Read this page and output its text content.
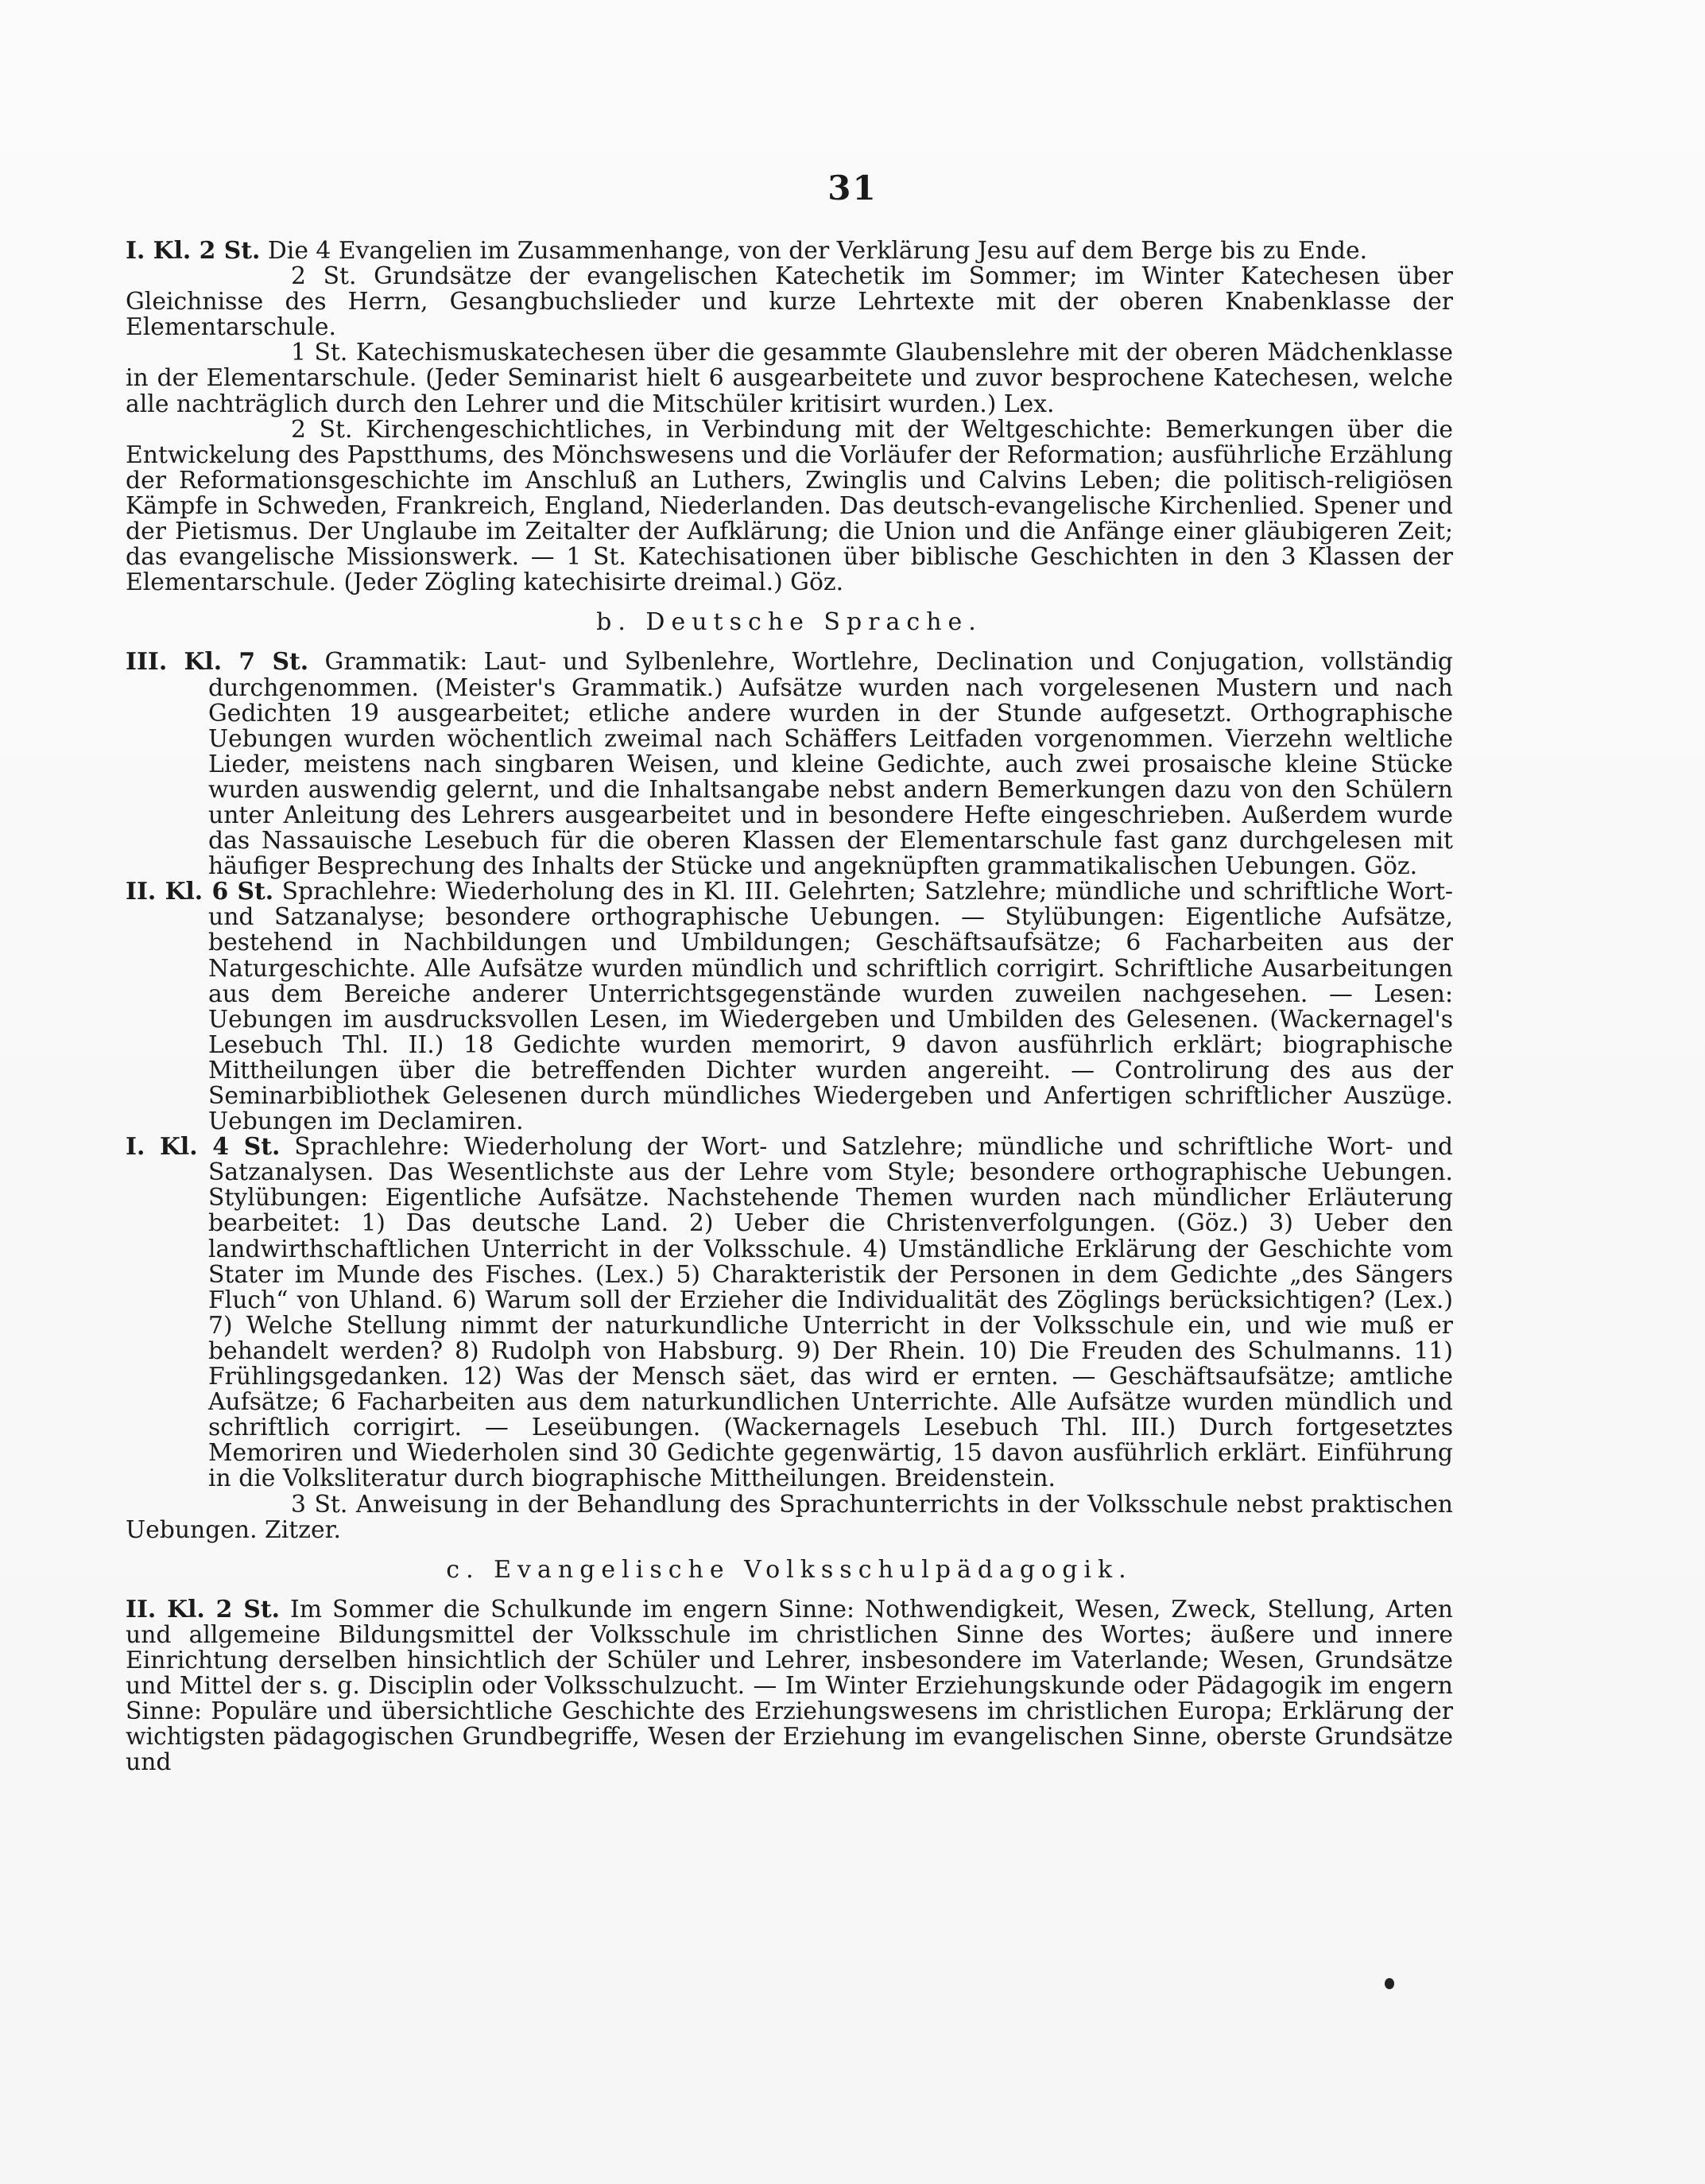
31

I. Kl. 2 St. Die 4 Evangelien im Zusammenhange, von der Verklärung Jesu auf dem Berge bis zu Ende.

2 St. Grundsätze der evangelischen Katechetik im Sommer; im Winter Katechesen über Gleichnisse des Herrn, Gesangbuchslieder und kurze Lehrtexte mit der oberen Knabenklasse der Elementarschule.

1 St. Katechismuskatechesen über die gesammte Glaubenslehre mit der oberen Mädchenklasse in der Elementarschule. (Jeder Seminarist hielt 6 ausgearbeitete und zuvor besprochene Katechesen, welche alle nachträglich durch den Lehrer und die Mitschüler kritisirt wurden.) Lex.

2 St. Kirchengeschichtliches, in Verbindung mit der Weltgeschichte: Bemerkungen über die Entwickelung des Papstthums, des Mönchswesens und die Vorläufer der Reformation; ausführliche Erzählung der Reformationsgeschichte im Anschluß an Luthers, Zwinglis und Calvins Leben; die politisch-religiösen Kämpfe in Schweden, Frankreich, England, Niederlanden. Das deutsch-evangelische Kirchenlied. Spener und der Pietismus. Der Unglaube im Zeitalter der Aufklärung; die Union und die Anfänge einer gläubigeren Zeit; das evangelische Missionswerk. — 1 St. Katechisationen über biblische Geschichten in den 3 Klassen der Elementarschule. (Jeder Zögling katechisirte dreimal.) Göz.

b. Deutsche Sprache.

III. Kl. 7 St. Grammatik: Laut- und Sylbenlehre, Wortlehre, Declination und Conjugation, vollständig durchgenommen. (Meister's Grammatik.) Aufsätze wurden nach vorgelesenen Mustern und nach Gedichten 19 ausgearbeitet; etliche andere wurden in der Stunde aufgesetzt. Orthographische Uebungen wurden wöchentlich zweimal nach Schäffers Leitfaden vorgenommen. Vierzehn weltliche Lieder, meistens nach singbaren Weisen, und kleine Gedichte, auch zwei prosaische kleine Stücke wurden auswendig gelernt, und die Inhaltsangabe nebst andern Bemerkungen dazu von den Schülern unter Anleitung des Lehrers ausgearbeitet und in besondere Hefte eingeschrieben. Außerdem wurde das Nassauische Lesebuch für die oberen Klassen der Elementarschule fast ganz durchgelesen mit häufiger Besprechung des Inhalts der Stücke und angeknüpften grammatikalischen Uebungen. Göz.

II. Kl. 6 St. Sprachlehre: Wiederholung des in Kl. III. Gelehrten; Satzlehre; mündliche und schriftliche Wort- und Satzanalyse; besondere orthographische Uebungen. — Stylübungen: Eigentliche Aufsätze, bestehend in Nachbildungen und Umbildungen; Geschäftsaufsätze; 6 Facharbeiten aus der Naturgeschichte. Alle Aufsätze wurden mündlich und schriftlich corrigirt. Schriftliche Ausarbeitungen aus dem Bereiche anderer Unterrichtsgegenstände wurden zuweilen nachgesehen. — Lesen: Uebungen im ausdrucksvollen Lesen, im Wiedergeben und Umbilden des Gelesenen. (Wackernagel's Lesebuch Thl. II.) 18 Gedichte wurden memorirt, 9 davon ausführlich erklärt; biographische Mittheilungen über die betreffenden Dichter wurden angereiht. — Controlirung des aus der Seminarbibliothek Gelesenen durch mündliches Wiedergeben und Anfertigen schriftlicher Auszüge. Uebungen im Declamiren.

I. Kl. 4 St. Sprachlehre: Wiederholung der Wort- und Satzlehre; mündliche und schriftliche Wort- und Satzanalysen. Das Wesentlichste aus der Lehre vom Style; besondere orthographische Uebungen. Stylübungen: Eigentliche Aufsätze. Nachstehende Themen wurden nach mündlicher Erläuterung bearbeitet: 1) Das deutsche Land. 2) Ueber die Christenverfolgungen. (Göz.) 3) Ueber den landwirthschaftlichen Unterricht in der Volksschule. 4) Umständliche Erklärung der Geschichte vom Stater im Munde des Fisches. (Lex.) 5) Charakteristik der Personen in dem Gedichte „des Sängers Fluch“ von Uhland. 6) Warum soll der Erzieher die Individualität des Zöglings berücksichtigen? (Lex.) 7) Welche Stellung nimmt der naturkundliche Unterricht in der Volksschule ein, und wie muß er behandelt werden? 8) Rudolph von Habsburg. 9) Der Rhein. 10) Die Freuden des Schulmanns. 11) Frühlingsgedanken. 12) Was der Mensch säet, das wird er ernten. — Geschäftsaufsätze; amtliche Aufsätze; 6 Facharbeiten aus dem naturkundlichen Unterrichte. Alle Aufsätze wurden mündlich und schriftlich corrigirt. — Leseübungen. (Wackernagels Lesebuch Thl. III.) Durch fortgesetztes Memoriren und Wiederholen sind 30 Gedichte gegenwärtig, 15 davon ausführlich erklärt. Einführung in die Volksliteratur durch biographische Mittheilungen. Breidenstein.

3 St. Anweisung in der Behandlung des Sprachunterrichts in der Volksschule nebst praktischen Uebungen. Zitzer.

c. Evangelische Volksschulpädagogik.

II. Kl. 2 St. Im Sommer die Schulkunde im engern Sinne: Nothwendigkeit, Wesen, Zweck, Stellung, Arten und allgemeine Bildungsmittel der Volksschule im christlichen Sinne des Wortes; äußere und innere Einrichtung derselben hinsichtlich der Schüler und Lehrer, insbesondere im Vaterlande; Wesen, Grundsätze und Mittel der s. g. Disciplin oder Volksschulzucht. — Im Winter Erziehungskunde oder Pädagogik im engern Sinne: Populäre und übersichtliche Geschichte des Erziehungswesens im christlichen Europa; Erklärung der wichtigsten pädagogischen Grundbegriffe, Wesen der Erziehung im evangelischen Sinne, oberste Grundsätze und
